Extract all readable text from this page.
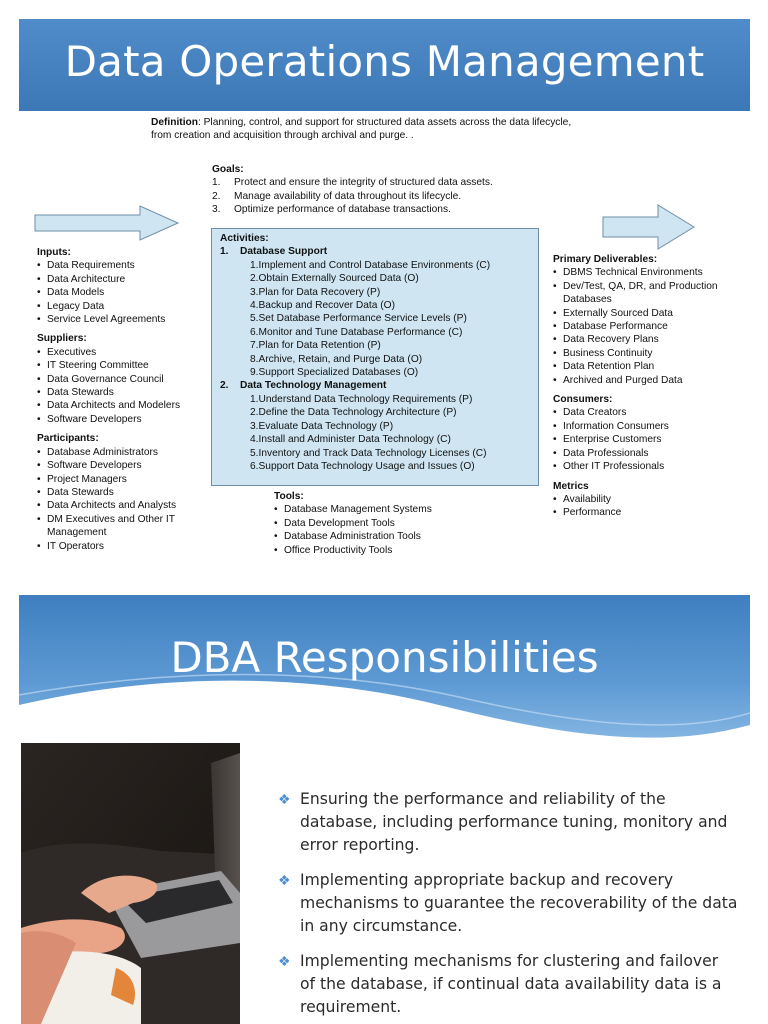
Data Operations Management
Definition: Planning, control, and support for structured data assets across the data lifecycle,
from creation and acquisition through archival and purge. .
Goals:
1.	Protect and ensure the integrity of structured data assets.
2.	Manage availability of data throughout its lifecycle.
3.	Optimize performance of database transactions.
Inputs:
• Data Requirements
• Data Architecture
• Data Models
• Legacy Data
• Service Level Agreements
Suppliers:
• Executives
• IT Steering Committee
• Data Governance Council
• Data Stewards
• Data Architects and Modelers
• Software Developers
Participants:
• Database Administrators
• Software Developers
• Project Managers
• Data Stewards
• Data Architects and Analysts
• DM Executives and Other IT
Management
• IT Operators
Activities:
1.	Database Support
1.Implement and Control Database Environments (C)
2.Obtain Externally Sourced Data (O)
3.Plan for Data Recovery (P)
4.Backup and Recover Data (O)
5.Set Database Performance Service Levels (P)
6.Monitor and Tune Database Performance (C)
7.Plan for Data Retention (P)
8.Archive, Retain, and Purge Data (O)
9.Support Specialized Databases (O)
2.	Data Technology Management
1.Understand Data Technology Requirements (P)
2.Define the Data Technology Architecture (P)
3.Evaluate Data Technology (P)
4.Install and Administer Data Technology (C)
5.Inventory and Track Data Technology Licenses (C)
6.Support Data Technology Usage and Issues (O)
Primary Deliverables:
• DBMS Technical Environments
• Dev/Test, QA, DR, and Production
Databases
• Externally Sourced Data
• Database Performance
• Data Recovery Plans
• Business Continuity
• Data Retention Plan
• Archived and Purged Data
Consumers:
• Data Creators
• Information Consumers
• Enterprise Customers
• Data Professionals
• Other IT Professionals
Metrics
• Availability
• Performance
Tools:
• Database Management Systems
• Data Development Tools
• Database Administration Tools
• Office Productivity Tools
DBA Responsibilities
❖ Ensuring the performance and reliability of the database, including performance tuning, monitory and error reporting.
❖ Implementing appropriate backup and recovery mechanisms to guarantee the recoverability of the data in any circumstance.
❖ Implementing mechanisms for clustering and failover of the database, if continual data availability data is a requirement.
